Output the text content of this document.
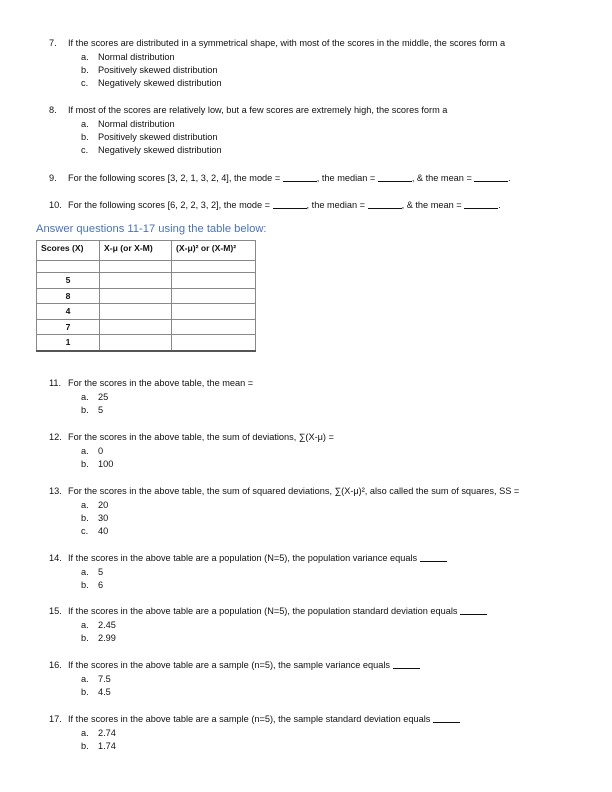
7.	If the scores are distributed in a symmetrical shape, with most of the scores in the middle, the scores form a
a.	Normal distribution
b.	Positively skewed distribution
c.	Negatively skewed distribution
8.	If most of the scores are relatively low, but a few scores are extremely high, the scores form a
a.	Normal distribution
b.	Positively skewed distribution
c.	Negatively skewed distribution
9.	For the following scores [3, 2, 1, 3, 2, 4], the mode =
	, the median =
	, & the mean =
	.
10. For the following scores [6, 2, 2, 3, 2], the mode =
	, the median =
	, & the mean =
	.
Answer questions 11-17 using the table below:
Scores (X)	X-μ (or X-M)	(X-μ)² or (X-M)²

5		
8		
4		
7		
1		
11. For the scores in the above table, the mean =
a.	25
b.	5
12. For the scores in the above table, the sum of deviations, ∑(X-μ) =
a.	0
b.	100
13. For the scores in the above table, the sum of squared deviations, ∑(X-μ)², also called the sum of squares, SS =
a.	20
b.	30
c.	40
14. If the scores in the above table are a population (N=5), the population variance equals

a.	5
b.	6
15. If the scores in the above table are a population (N=5), the population standard deviation equals

a.	2.45
b.	2.99
16. If the scores in the above table are a sample (n=5), the sample variance equals

a.	7.5
b.	4.5
17. If the scores in the above table are a sample (n=5), the sample standard deviation equals

a.	2.74
b.	1.74
